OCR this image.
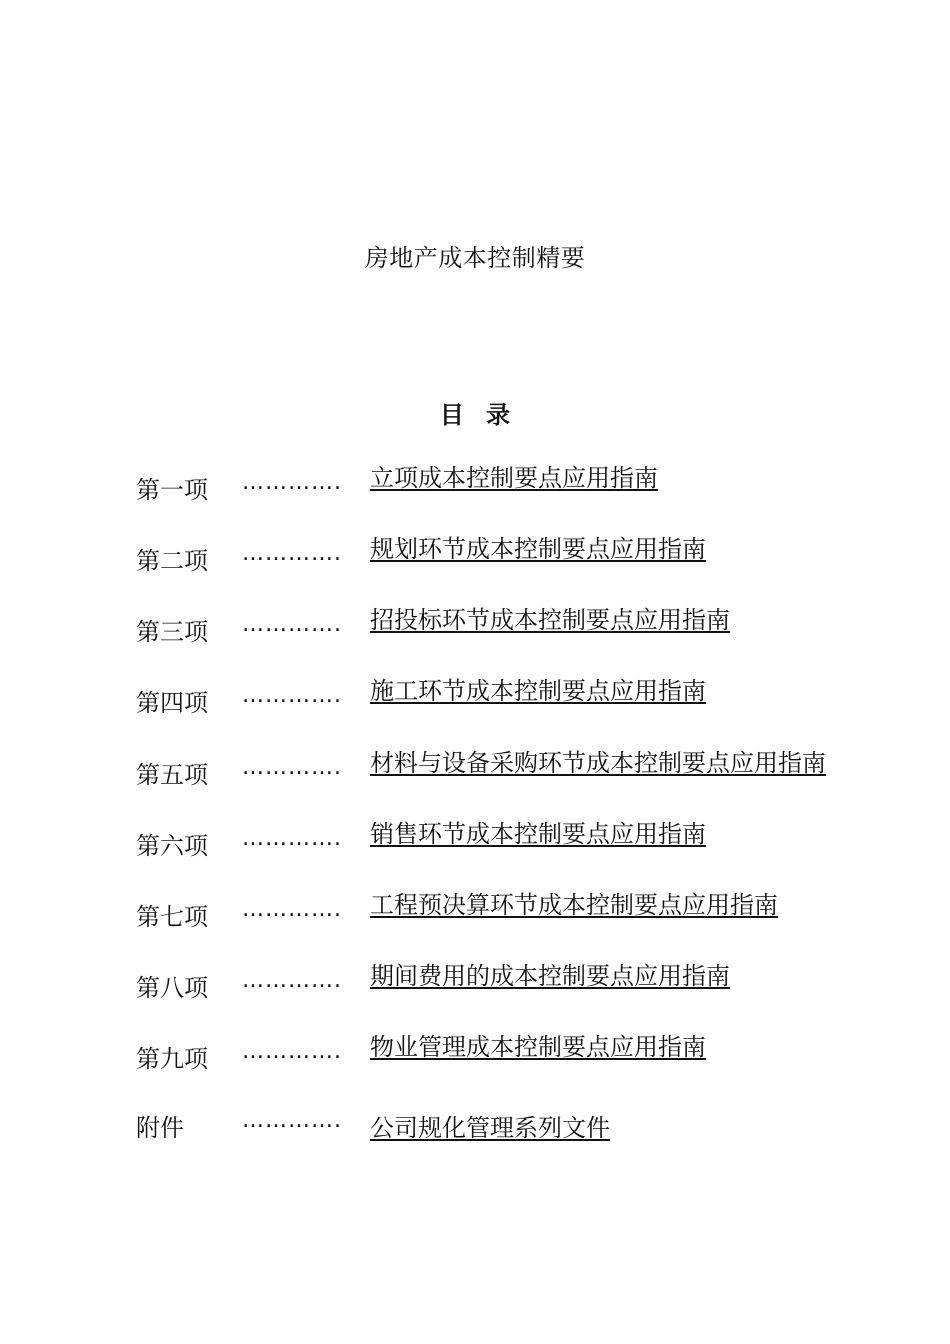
房地产成本控制精要
目 录
第一项 …………. 立项成本控制要点应用指南
第二项 …………. 规划环节成本控制要点应用指南
第三项 …………. 招投标环节成本控制要点应用指南
第四项 …………. 施工环节成本控制要点应用指南
第五项 …………. 材料与设备采购环节成本控制要点应用指南
第六项 …………. 销售环节成本控制要点应用指南
第七项 …………. 工程预决算环节成本控制要点应用指南
第八项 …………. 期间费用的成本控制要点应用指南
第九项 …………. 物业管理成本控制要点应用指南
附件	…………. 公司规化管理系列文件
